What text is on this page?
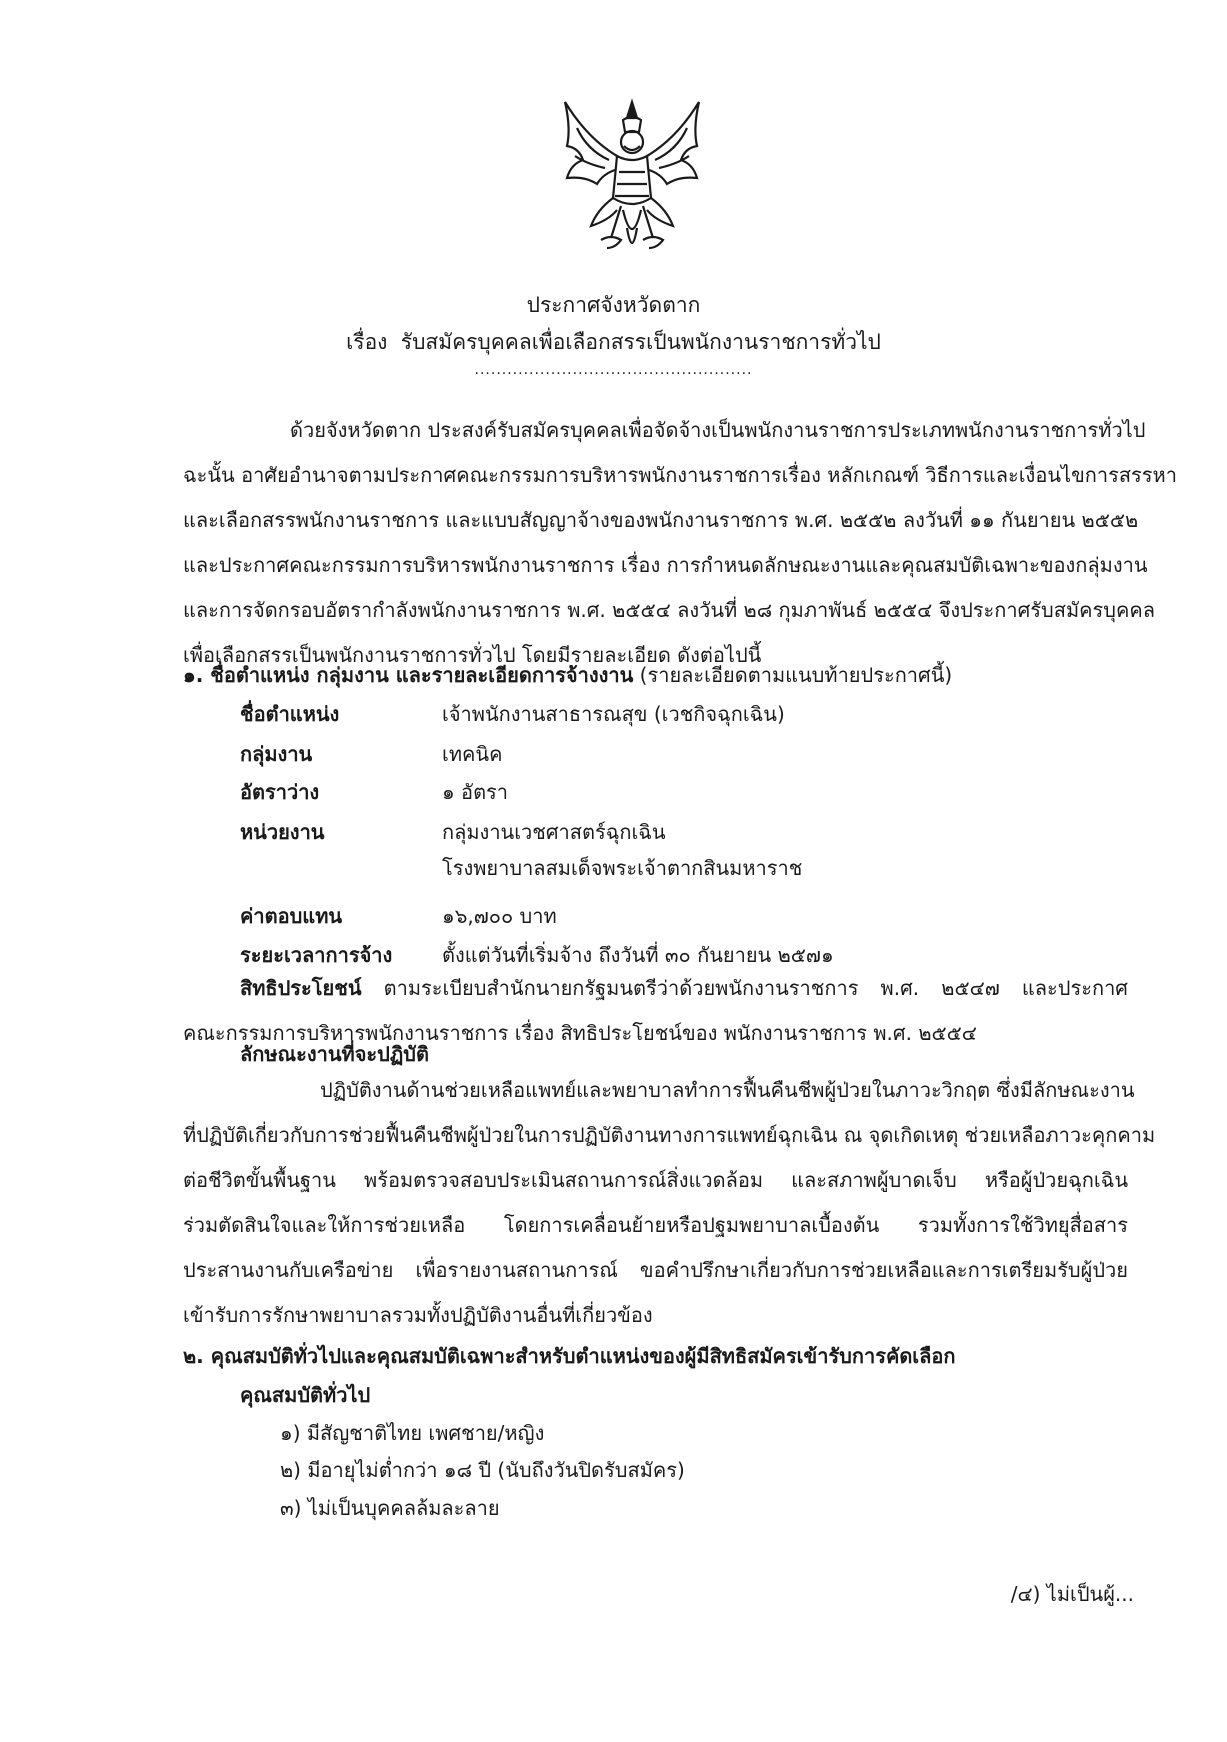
ประกาศจังหวัดตาก
เรื่อง รับสมัครบุคคลเพื่อเลือกสรรเป็นพนักงานราชการทั่วไป
...................................................
ด้วยจังหวัดตาก ประสงค์รับสมัครบุคคลเพื่อจัดจ้างเป็นพนักงานราชการประเภทพนักงานราชการทั่วไป
ฉะนั้น อาศัยอำนาจตามประกาศคณะกรรมการบริหารพนักงานราชการเรื่อง หลักเกณฑ์ วิธีการและเงื่อนไขการสรรหา
และเลือกสรรพนักงานราชการ และแบบสัญญาจ้างของพนักงานราชการ พ.ศ. ๒๕๕๒ ลงวันที่ ๑๑ กันยายน ๒๕๕๒
และประกาศคณะกรรมการบริหารพนักงานราชการ เรื่อง การกำหนดลักษณะงานและคุณสมบัติเฉพาะของกลุ่มงาน
และการจัดกรอบอัตรากำลังพนักงานราชการ พ.ศ. ๒๕๕๔ ลงวันที่ ๒๘ กุมภาพันธ์ ๒๕๕๔ จึงประกาศรับสมัครบุคคล
เพื่อเลือกสรรเป็นพนักงานราชการทั่วไป โดยมีรายละเอียด ดังต่อไปนี้
๑. ชื่อตำแหน่ง กลุ่มงาน และรายละเอียดการจ้างงาน (รายละเอียดตามแนบท้ายประกาศนี้)
ชื่อตำแหน่ง	เจ้าพนักงานสาธารณสุข (เวชกิจฉุกเฉิน)
กลุ่มงาน	เทคนิค
อัตราว่าง	๑ อัตรา
หน่วยงาน	กลุ่มงานเวชศาสตร์ฉุกเฉิน
โรงพยาบาลสมเด็จพระเจ้าตากสินมหาราช
ค่าตอบแทน	๑๖,๗๐๐ บาท
ระยะเวลาการจ้าง ตั้งแต่วันที่เริ่มจ้าง ถึงวันที่ ๓๐ กันยายน ๒๕๗๑
สิทธิประโยชน์ ตามระเบียบสำนักนายกรัฐมนตรีว่าด้วยพนักงานราชการ พ.ศ. ๒๕๔๗ และประกาศ
คณะกรรมการบริหารพนักงานราชการ เรื่อง สิทธิประโยชน์ของ พนักงานราชการ พ.ศ. ๒๕๕๔
ลักษณะงานที่จะปฏิบัติ
ปฏิบัติงานด้านช่วยเหลือแพทย์และพยาบาลทำการฟื้นคืนชีพผู้ป่วยในภาวะวิกฤต ซึ่งมีลักษณะงาน
ที่ปฏิบัติเกี่ยวกับการช่วยฟื้นคืนชีพผู้ป่วยในการปฏิบัติงานทางการแพทย์ฉุกเฉิน ณ จุดเกิดเหตุ ช่วยเหลือภาวะคุกคาม
ต่อชีวิตขั้นพื้นฐาน พร้อมตรวจสอบประเมินสถานการณ์สิ่งแวดล้อม และสภาพผู้บาดเจ็บ หรือผู้ป่วยฉุกเฉิน
ร่วมตัดสินใจและให้การช่วยเหลือ โดยการเคลื่อนย้ายหรือปฐมพยาบาลเบื้องต้น รวมทั้งการใช้วิทยุสื่อสาร
ประสานงานกับเครือข่าย เพื่อรายงานสถานการณ์ ขอคำปรึกษาเกี่ยวกับการช่วยเหลือและการเตรียมรับผู้ป่วย
เข้ารับการรักษาพยาบาลรวมทั้งปฏิบัติงานอื่นที่เกี่ยวข้อง
๒. คุณสมบัติทั่วไปและคุณสมบัติเฉพาะสำหรับตำแหน่งของผู้มีสิทธิสมัครเข้ารับการคัดเลือก
คุณสมบัติทั่วไป
๑) มีสัญชาติไทย เพศชาย/หญิง
๒) มีอายุไม่ต่ำกว่า ๑๘ ปี (นับถึงวันปิดรับสมัคร)
๓) ไม่เป็นบุคคลล้มละลาย
/๔) ไม่เป็นผู้...
